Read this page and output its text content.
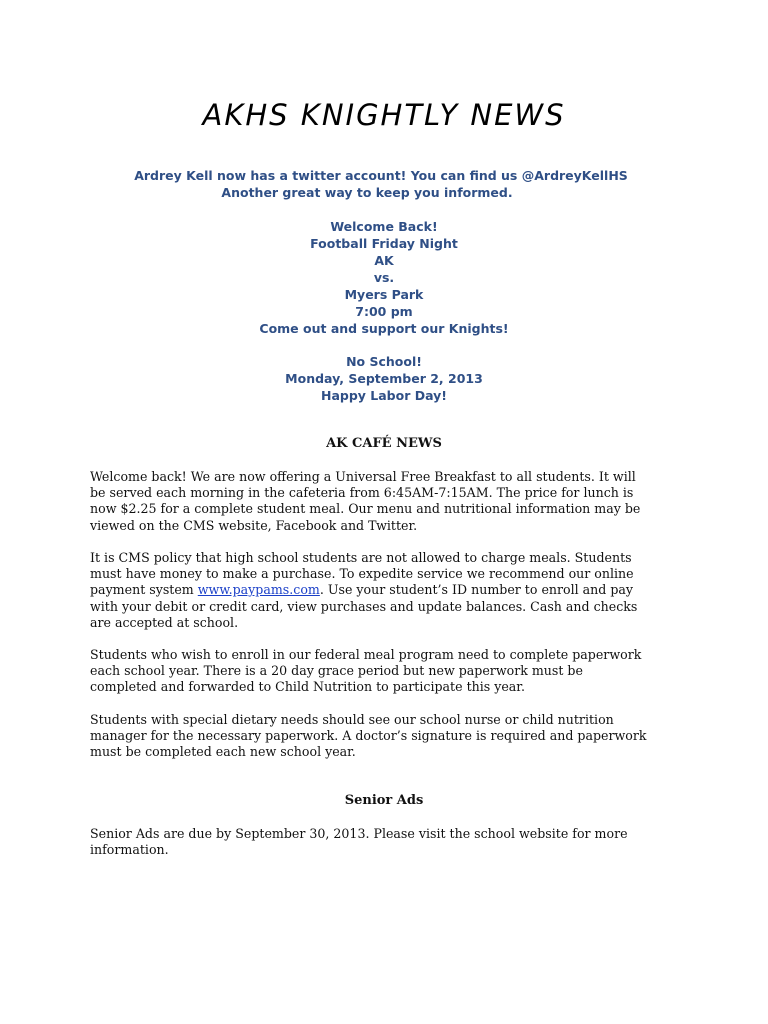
AKHS KNIGHTLY NEWS
Ardrey Kell now has a twitter account! You can find us @ArdreyKellHS
Another great way to keep you informed.
Welcome Back!
Football Friday Night
AK
vs.
Myers Park
7:00 pm
Come out and support our Knights!
No School!
Monday, September 2, 2013
Happy Labor Day!
AK CAFÉ NEWS
Welcome back! We are now offering a Universal Free Breakfast to all students. It will
be served each morning in the cafeteria from 6:45AM-7:15AM. The price for lunch is
now $2.25 for a complete student meal. Our menu and nutritional information may be
viewed on the CMS website, Facebook and Twitter.
It is CMS policy that high school students are not allowed to charge meals. Students
must have money to make a purchase. To expedite service we recommend our online
payment system www.paypams.com. Use your student’s ID number to enroll and pay
with your debit or credit card, view purchases and update balances. Cash and checks
are accepted at school.
Students who wish to enroll in our federal meal program need to complete paperwork
each school year. There is a 20 day grace period but new paperwork must be
completed and forwarded to Child Nutrition to participate this year.
Students with special dietary needs should see our school nurse or child nutrition
manager for the necessary paperwork. A doctor’s signature is required and paperwork
must be completed each new school year.
Senior Ads
Senior Ads are due by September 30, 2013. Please visit the school website for more
information.
